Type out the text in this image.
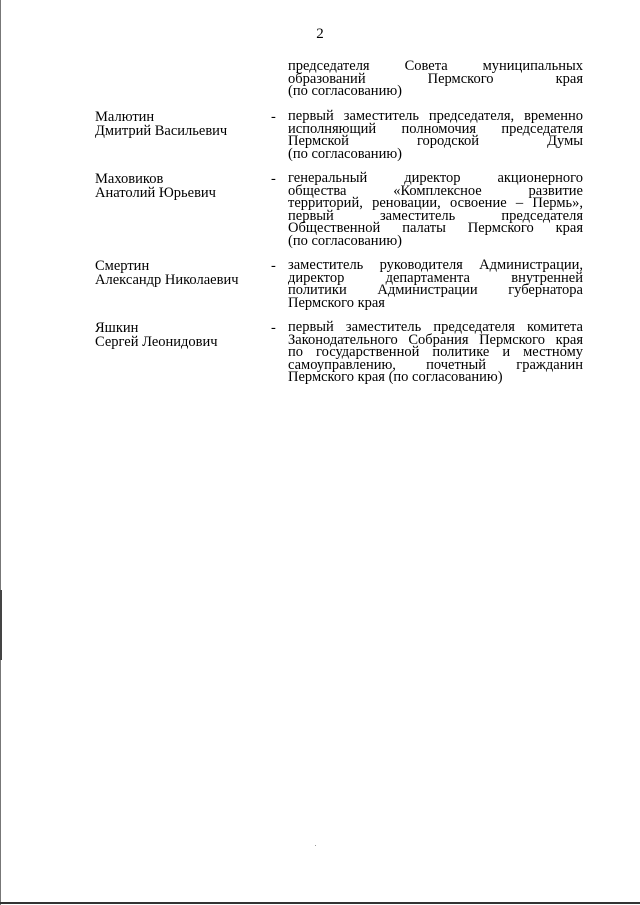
2
председателя Совета муниципальных
образований Пермского края
(по согласованию)
Малютин
Дмитрий Васильевич
- первый заместитель председателя, временно
исполняющий полномочия председателя
Пермской городской Думы
(по согласованию)
Маховиков
Анатолий Юрьевич
- генеральный директор акционерного
общества «Комплексное развитие
территорий, реновации, освоение – Пермь»,
первый заместитель председателя
Общественной палаты Пермского края
(по согласованию)
Смертин
Александр Николаевич
- заместитель руководителя Администрации,
директор департамента внутренней
политики Администрации губернатора
Пермского края
Яшкин
Сергей Леонидович
- первый заместитель председателя комитета
Законодательного Собрания Пермского края
по государственной политике и местному
самоуправлению, почетный гражданин
Пермского края (по согласованию)
